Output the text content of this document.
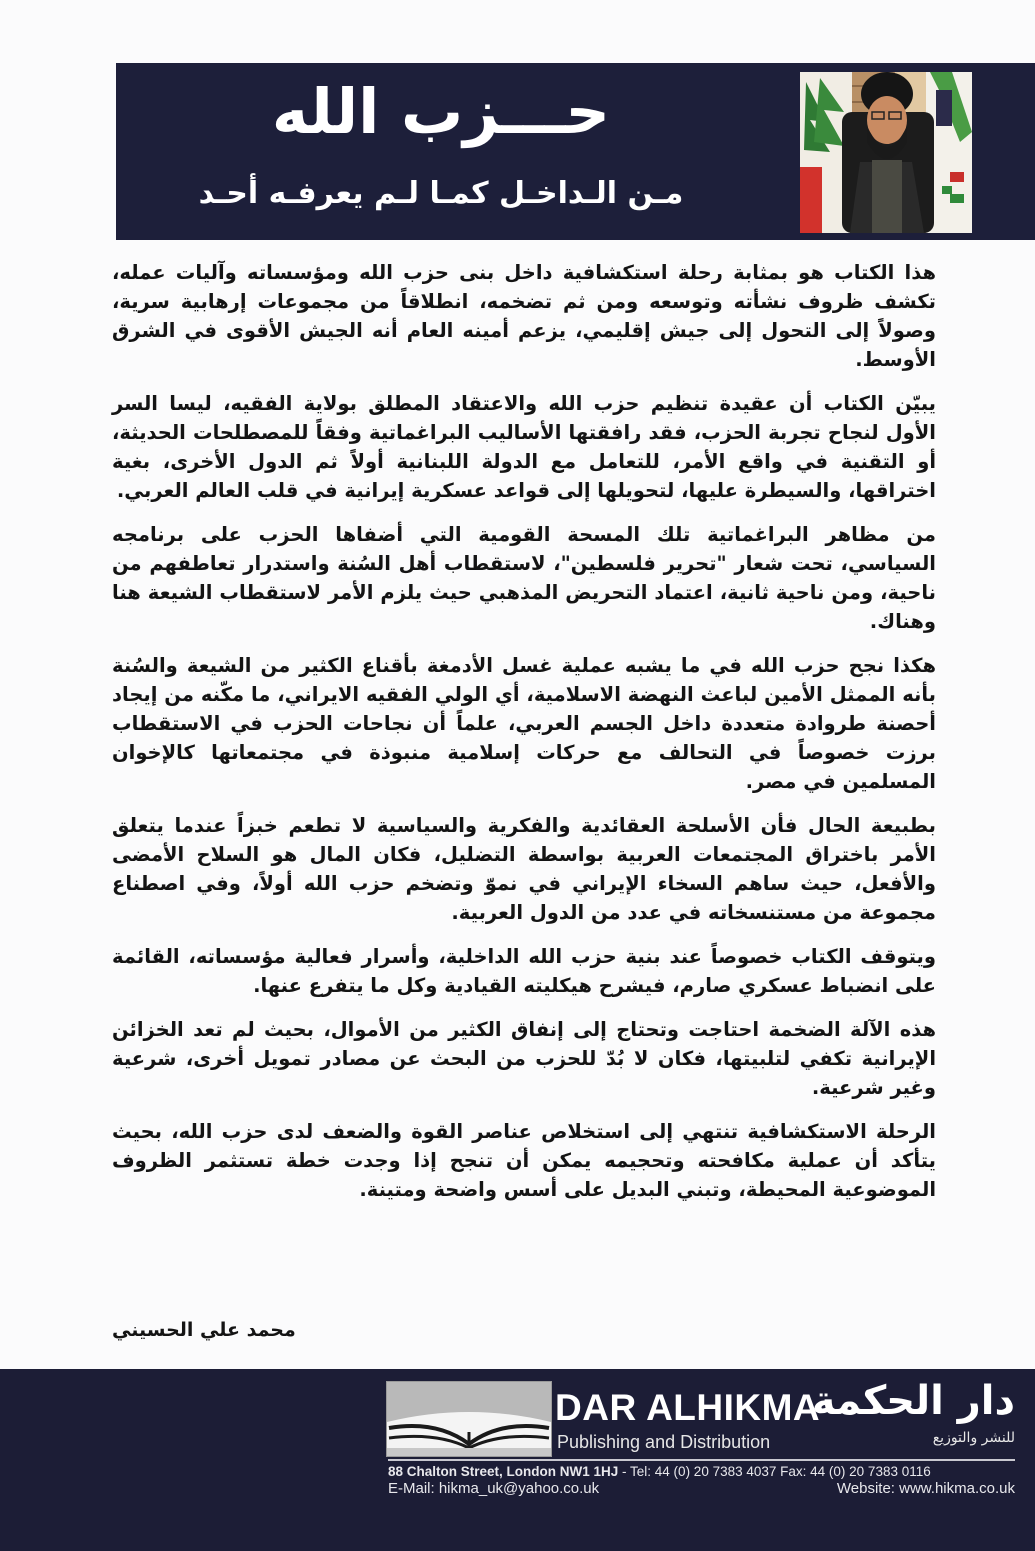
حـــزب الله
مـن الـداخـل كمـا لـم يعرفـه أحـد

هذا الكتاب هو بمثابة رحلة استكشافية داخل بنى حزب الله ومؤسساته وآليات عمله، تكشف ظروف نشأته وتوسعه ومن ثم تضخمه، انطلاقاً من مجموعات إرهابية سرية، وصولاً إلى التحول إلى جيش إقليمي، يزعم أمينه العام أنه الجيش الأقوى في الشرق الأوسط.

يبيّن الكتاب أن عقيدة تنظيم حزب الله والاعتقاد المطلق بولاية الفقيه، ليسا السر الأول لنجاح تجربة الحزب، فقد رافقتها الأساليب البراغماتية وفقاً للمصطلحات الحديثة، أو التقنية في واقع الأمر، للتعامل مع الدولة اللبنانية أولاً ثم الدول الأخرى، بغية اختراقها، والسيطرة عليها، لتحويلها إلى قواعد عسكرية إيرانية في قلب العالم العربي.

من مظاهر البراغماتية تلك المسحة القومية التي أضفاها الحزب على برنامجه السياسي، تحت شعار "تحرير فلسطين"، لاستقطاب أهل السُنة واستدرار تعاطفهم من ناحية، ومن ناحية ثانية، اعتماد التحريض المذهبي حيث يلزم الأمر لاستقطاب الشيعة هنا وهناك.

هكذا نجح حزب الله في ما يشبه عملية غسل الأدمغة بأقناع الكثير من الشيعة والسُنة بأنه الممثل الأمين لباعث النهضة الاسلامية، أي الولي الفقيه الايراني، ما مكّنه من إيجاد أحصنة طروادة متعددة داخل الجسم العربي، علماً أن نجاحات الحزب في الاستقطاب برزت خصوصاً في التحالف مع حركات إسلامية منبوذة في مجتمعاتها كالإخوان المسلمين في مصر.

بطبيعة الحال فأن الأسلحة العقائدية والفكرية والسياسية لا تطعم خبزاً عندما يتعلق الأمر باختراق المجتمعات العربية بواسطة التضليل، فكان المال هو السلاح الأمضى والأفعل، حيث ساهم السخاء الإيراني في نموّ وتضخم حزب الله أولاً، وفي اصطناع مجموعة من مستنسخاته في عدد من الدول العربية.

ويتوقف الكتاب خصوصاً عند بنية حزب الله الداخلية، وأسرار فعالية مؤسساته، القائمة على انضباط عسكري صارم، فيشرح هيكليته القيادية وكل ما يتفرع عنها.

هذه الآلة الضخمة احتاجت وتحتاج إلى إنفاق الكثير من الأموال، بحيث لم تعد الخزائن الإيرانية تكفي لتلبيتها، فكان لا بُدّ للحزب من البحث عن مصادر تمويل أخرى، شرعية وغير شرعية.

الرحلة الاستكشافية تنتهي إلى استخلاص عناصر القوة والضعف لدى حزب الله، بحيث يتأكد أن عملية مكافحته وتحجيمه يمكن أن تنجح إذا وجدت خطة تستثمر الظروف الموضوعية المحيطة، وتبني البديل على أسس واضحة ومتينة.

محمد علي الحسيني
DAR ALHIKMA
Publishing and Distribution
دار الحكمة
للنشر والتوزيع
88 Chalton Street, London NW1 1HJ - Tel: 44 (0) 20 7383 4037 Fax: 44 (0) 20 7383 0116
E-Mail: hikma_uk@yahoo.co.uk	Website: www.hikma.co.uk
